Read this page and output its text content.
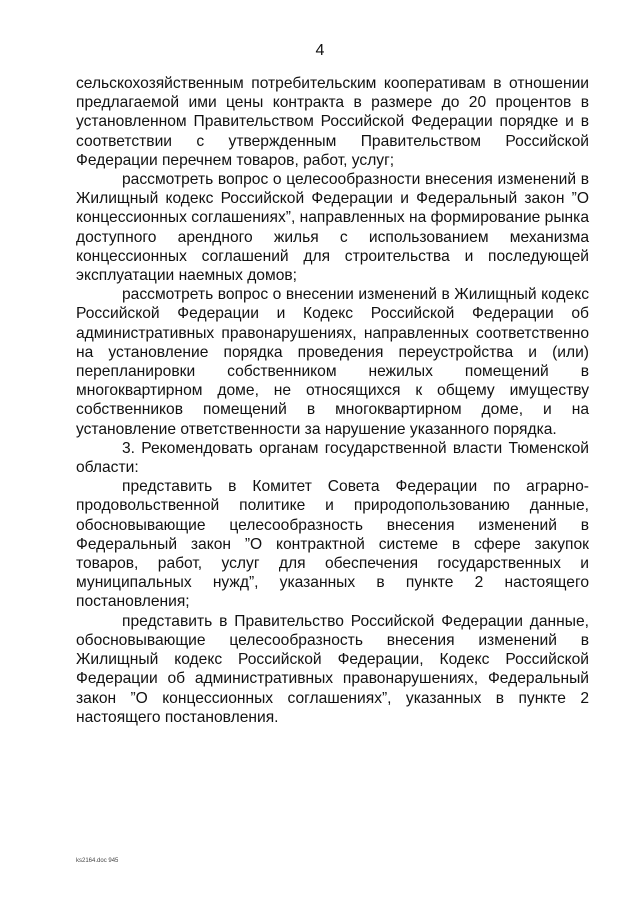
4

сельскохозяйственным потребительским кооперативам в отношении предлагаемой ими цены контракта в размере до 20 процентов в установленном Правительством Российской Федерации порядке и в соответствии с утвержденным Правительством Российской Федерации перечнем товаров, работ, услуг;

рассмотреть вопрос о целесообразности внесения изменений в Жилищный кодекс Российской Федерации и Федеральный закон ”О концессионных соглашениях”, направленных на формирование рынка доступного арендного жилья с использованием механизма концессионных соглашений для строительства и последующей эксплуатации наемных домов;

рассмотреть вопрос о внесении изменений в Жилищный кодекс Российской Федерации и Кодекс Российской Федерации об административных правонарушениях, направленных соответственно на установление порядка проведения переустройства и (или) перепланировки собственником нежилых помещений в многоквартирном доме, не относящихся к общему имуществу собственников помещений в многоквартирном доме, и на установление ответственности за нарушение указанного порядка.

3. Рекомендовать органам государственной власти Тюменской области:

представить в Комитет Совета Федерации по аграрно-продовольственной политике и природопользованию данные, обосновывающие целесообразность внесения изменений в Федеральный закон ”О контрактной системе в сфере закупок товаров, работ, услуг для обеспечения государственных и муниципальных нужд”, указанных в пункте 2 настоящего постановления;

представить в Правительство Российской Федерации данные, обосновывающие целесообразность внесения изменений в Жилищный кодекс Российской Федерации, Кодекс Российской Федерации об административных правонарушениях, Федеральный закон ”О концессионных соглашениях”, указанных в пункте 2 настоящего постановления.

ks2164.doc 945
